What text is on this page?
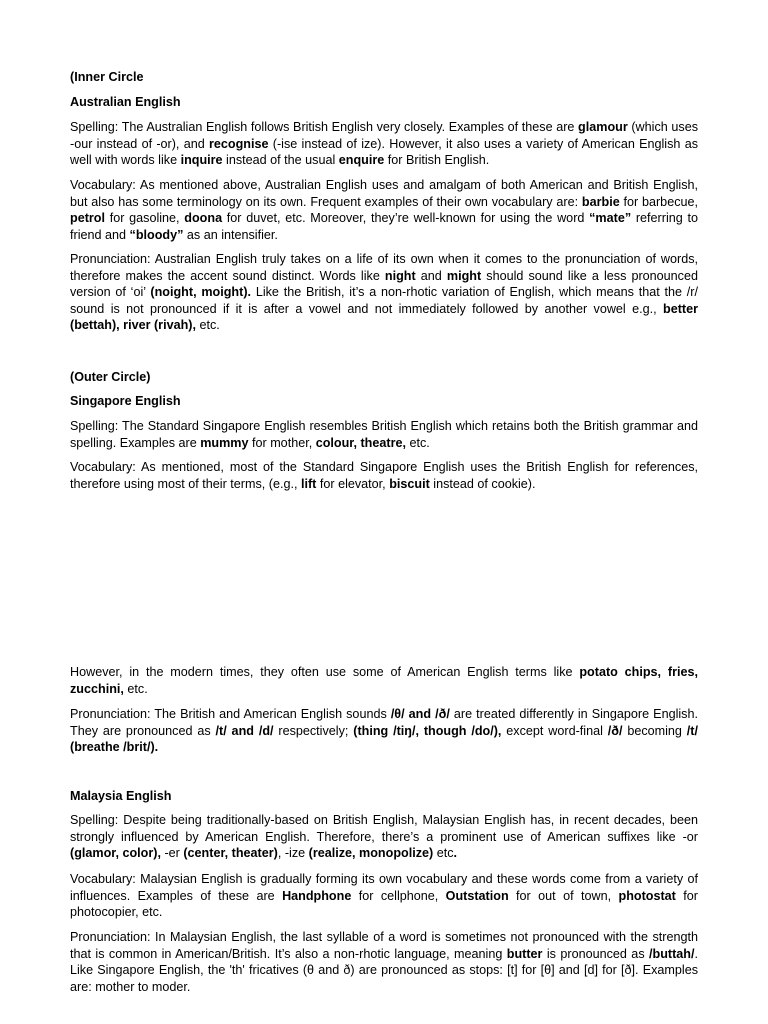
(Inner Circle
Australian English

Spelling: The Australian English follows British English very closely. Examples of these are glamour (which uses -our instead of -or), and recognise (-ise instead of ize). However, it also uses a variety of American English as well with words like inquire instead of the usual enquire for British English.

Vocabulary: As mentioned above, Australian English uses and amalgam of both American and British English, but also has some terminology on its own. Frequent examples of their own vocabulary are: barbie for barbecue, petrol for gasoline, doona for duvet, etc. Moreover, they’re well-known for using the word “mate” referring to friend and “bloody” as an intensifier.

Pronunciation: Australian English truly takes on a life of its own when it comes to the pronunciation of words, therefore makes the accent sound distinct. Words like night and might should sound like a less pronounced version of ‘oi’ (noight, moight). Like the British, it’s a non-rhotic variation of English, which means that the /r/ sound is not pronounced if it is after a vowel and not immediately followed by another vowel e.g., better (bettah), river (rivah), etc.

(Outer Circle)
Singapore English

Spelling: The Standard Singapore English resembles British English which retains both the British grammar and spelling. Examples are mummy for mother, colour, theatre, etc.

Vocabulary: As mentioned, most of the Standard Singapore English uses the British English for references, therefore using most of their terms, (e.g., lift for elevator, biscuit instead of cookie).

However, in the modern times, they often use some of American English terms like potato chips, fries, zucchini, etc.

Pronunciation: The British and American English sounds /θ/ and /ð/ are treated differently in Singapore English. They are pronounced as /t/ and /d/ respectively; (thing /tiŋ/, though /do/), except word-final /ð/ becoming /t/ (breathe /brit/).

Malaysia English

Spelling: Despite being traditionally-based on British English, Malaysian English has, in recent decades, been strongly influenced by American English. Therefore, there’s a prominent use of American suffixes like -or (glamor, color), -er (center, theater), -ize (realize, monopolize) etc.

Vocabulary: Malaysian English is gradually forming its own vocabulary and these words come from a variety of influences. Examples of these are Handphone for cellphone, Outstation for out of town, photostat for photocopier, etc.

Pronunciation: In Malaysian English, the last syllable of a word is sometimes not pronounced with the strength that is common in American/British. It’s also a non-rhotic language, meaning butter is pronounced as /buttah/. Like Singapore English, the 'th' fricatives (θ and ð) are pronounced as stops: [t] for [θ] and [d] for [ð]. Examples are: mother to moder.
